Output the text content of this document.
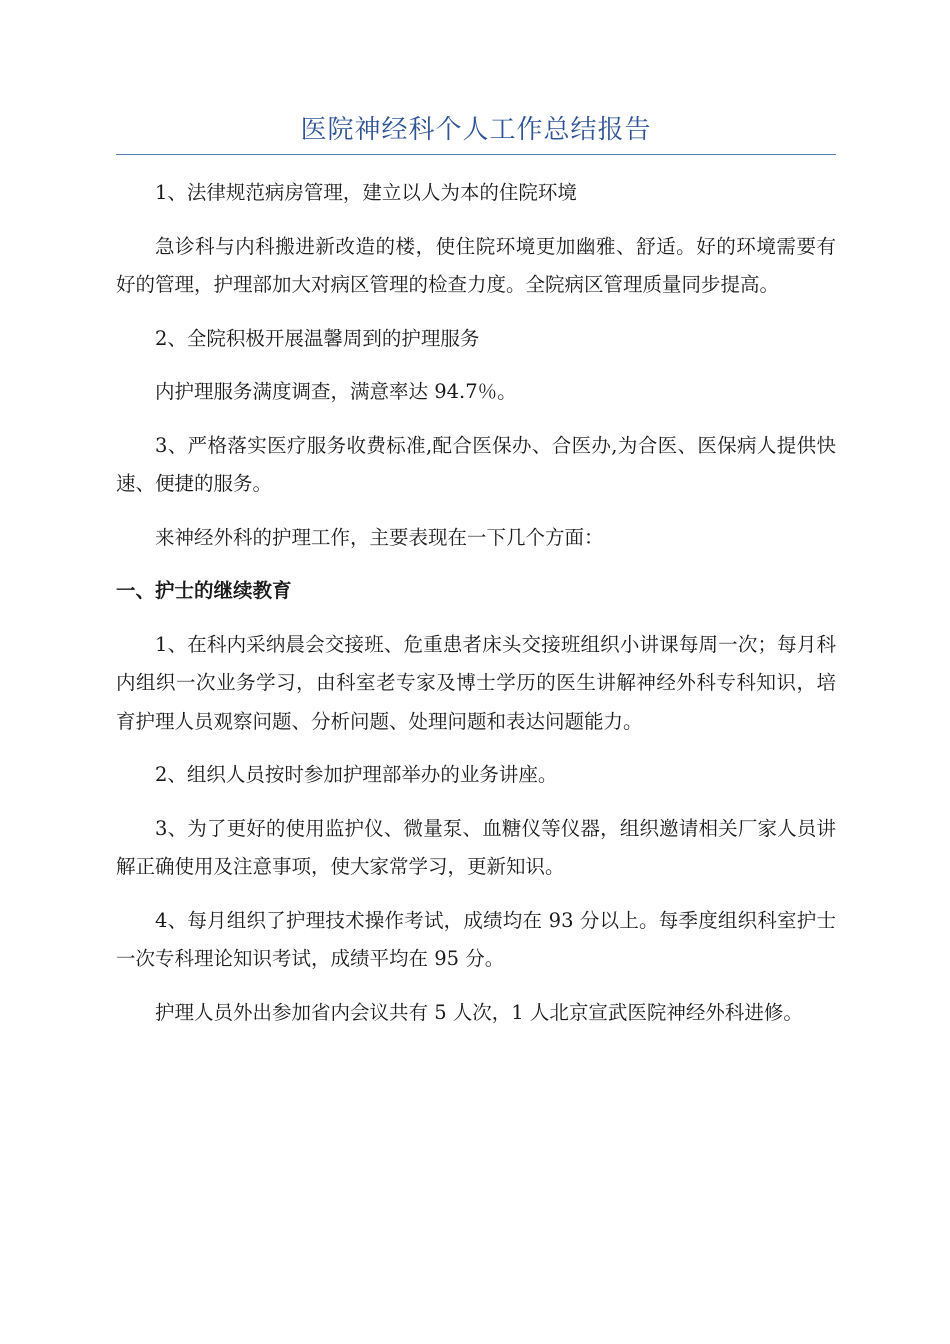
医院神经科个人工作总结报告

1、法律规范病房管理，建立以人为本的住院环境

急诊科与内科搬进新改造的楼，使住院环境更加幽雅、舒适。好的环境需要有好的管理，护理部加大对病区管理的检查力度。全院病区管理质量同步提高。

2、全院积极开展温馨周到的护理服务

内护理服务满度调查，满意率达 94.7％。

3、严格落实医疗服务收费标准,配合医保办、合医办,为合医、医保病人提供快速、便捷的服务。

来神经外科的护理工作，主要表现在一下几个方面：

一、护士的继续教育

1、在科内采纳晨会交接班、危重患者床头交接班组织小讲课每周一次；每月科内组织一次业务学习，由科室老专家及博士学历的医生讲解神经外科专科知识，培育护理人员观察问题、分析问题、处理问题和表达问题能力。

2、组织人员按时参加护理部举办的业务讲座。

3、为了更好的使用监护仪、微量泵、血糖仪等仪器，组织邀请相关厂家人员讲解正确使用及注意事项，使大家常学习，更新知识。

4、每月组织了护理技术操作考试，成绩均在 93 分以上。每季度组织科室护士一次专科理论知识考试，成绩平均在 95 分。

护理人员外出参加省内会议共有 5 人次，1 人北京宣武医院神经外科进修。
